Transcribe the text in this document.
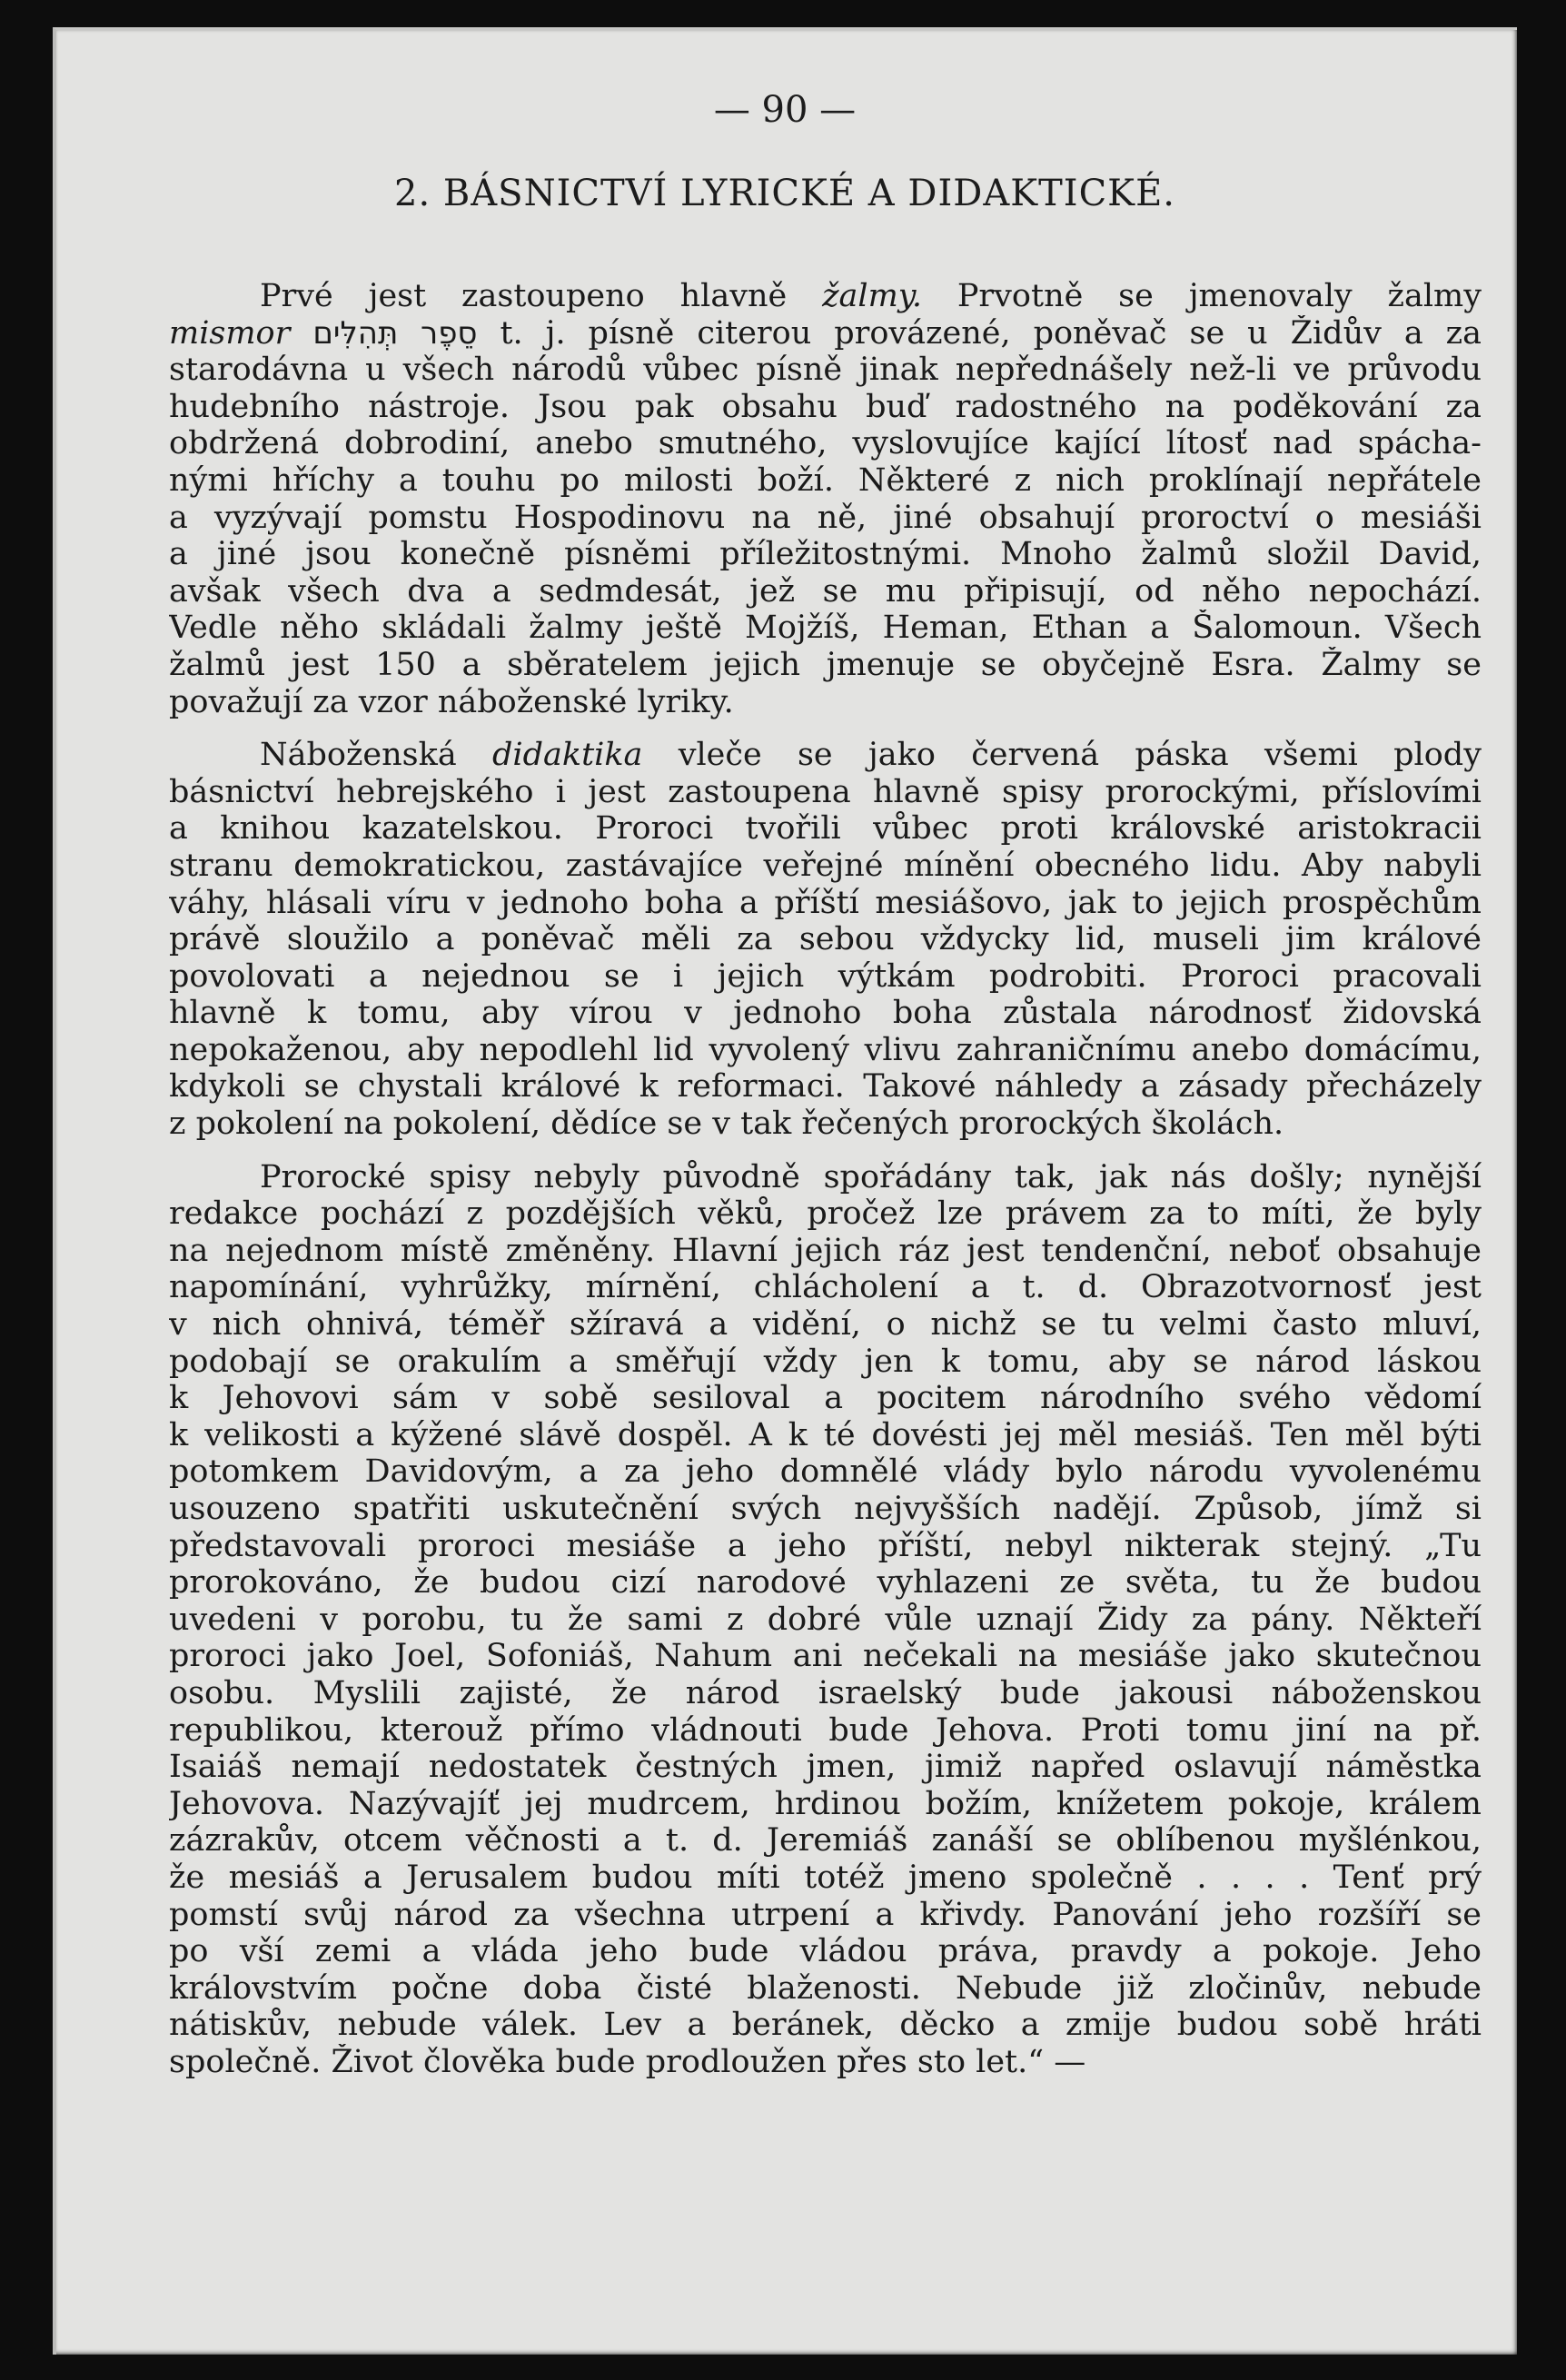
— 90 —
2. BÁSNICTVÍ LYRICKÉ A DIDAKTICKÉ.
Prvé jest zastoupeno hlavně žalmy. Prvotně se jmenovaly žalmy
mismor סֵפֶר תְּהִלִּים t. j. písně citerou provázené, poněvač se u Židův a za
starodávna u všech národů vůbec písně jinak nepřednášely než-li ve průvodu
hudebního nástroje. Jsou pak obsahu buď radostného na poděkování za
obdržená dobrodiní, anebo smutného, vyslovujíce kající lítosť nad spácha-
nými hříchy a touhu po milosti boží. Některé z nich proklínají nepřátele
a vyzývají pomstu Hospodinovu na ně, jiné obsahují proroctví o mesiáši
a jiné jsou konečně písněmi příležitostnými. Mnoho žalmů složil David,
avšak všech dva a sedmdesát, jež se mu připisují, od něho nepochází.
Vedle něho skládali žalmy ještě Mojžíš, Heman, Ethan a Šalomoun. Všech
žalmů jest 150 a sběratelem jejich jmenuje se obyčejně Esra. Žalmy se
považují za vzor náboženské lyriky.
Náboženská didaktika vleče se jako červená páska všemi plody
básnictví hebrejského i jest zastoupena hlavně spisy prorockými, příslovími
a knihou kazatelskou. Proroci tvořili vůbec proti královské aristokracii
stranu demokratickou, zastávajíce veřejné mínění obecného lidu. Aby nabyli
váhy, hlásali víru v jednoho boha a příští mesiášovo, jak to jejich prospěchům
právě sloužilo a poněvač měli za sebou vždycky lid, museli jim králové
povolovati a nejednou se i jejich výtkám podrobiti. Proroci pracovali
hlavně k tomu, aby vírou v jednoho boha zůstala národnosť židovská
nepokaženou, aby nepodlehl lid vyvolený vlivu zahraničnímu anebo domácímu,
kdykoli se chystali králové k reformaci. Takové náhledy a zásady přecházely
z pokolení na pokolení, dědíce se v tak řečených prorockých školách.
Prorocké spisy nebyly původně spořádány tak, jak nás došly; nynější
redakce pochází z pozdějších věků, pročež lze právem za to míti, že byly
na nejednom místě změněny. Hlavní jejich ráz jest tendenční, neboť obsahuje
napomínání, vyhrůžky, mírnění, chlácholení a t. d. Obrazotvornosť jest
v nich ohnivá, téměř sžíravá a vidění, o nichž se tu velmi často mluví,
podobají se orakulím a směřují vždy jen k tomu, aby se národ láskou
k Jehovovi sám v sobě sesiloval a pocitem národního svého vědomí
k velikosti a kýžené slávě dospěl. A k té dovésti jej měl mesiáš. Ten měl býti
potomkem Davidovým, a za jeho domnělé vlády bylo národu vyvolenému
usouzeno spatřiti uskutečnění svých nejvyšších nadějí. Způsob, jímž si
představovali proroci mesiáše a jeho příští, nebyl nikterak stejný. „Tu
prorokováno, že budou cizí narodové vyhlazeni ze světa, tu že budou
uvedeni v porobu, tu že sami z dobré vůle uznají Židy za pány. Někteří
proroci jako Joel, Sofoniáš, Nahum ani nečekali na mesiáše jako skutečnou
osobu. Myslili zajisté, že národ israelský bude jakousi náboženskou
republikou, kterouž přímo vládnouti bude Jehova. Proti tomu jiní na př.
Isaiáš nemají nedostatek čestných jmen, jimiž napřed oslavují náměstka
Jehovova. Nazývajíť jej mudrcem, hrdinou božím, knížetem pokoje, králem
zázrakův, otcem věčnosti a t. d. Jeremiáš zanáší se oblíbenou myšlénkou,
že mesiáš a Jerusalem budou míti totéž jmeno společně . . . . Tenť prý
pomstí svůj národ za všechna utrpení a křivdy. Panování jeho rozšíří se
po vší zemi a vláda jeho bude vládou práva, pravdy a pokoje. Jeho
královstvím počne doba čisté blaženosti. Nebude již zločinův, nebude
nátiskův, nebude válek. Lev a beránek, děcko a zmije budou sobě hráti
společně. Život člověka bude prodloužen přes sto let.“ —
